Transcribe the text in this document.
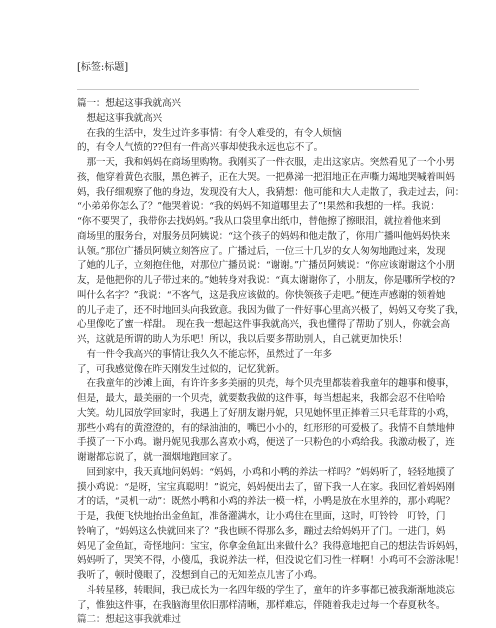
[标签:标题]
篇一：想起这事我就高兴
　想起这事我就高兴
　在我的生活中，发生过许多事情：有令人难受的，有令人烦恼
的，有令人气愤的??但有一件高兴事却使我永远也忘不了。
　那一天，我和妈妈在商场里购物。我刚买了一件衣服，走出这家店。突然看见了一个小男
孩，他穿着黄色衣服，黑色裤子，正在大哭。一把鼻涕一把泪地正在声嘶力竭地哭喊着叫妈
妈，我仔细观察了他的身边，发现没有大人，我猜想：他可能和大人走散了，我走过去，问：
“小弟弟你怎么了？”他哭着说：“我的妈妈不知道哪里去了”!果然和我想的一样。我说：
“你不要哭了，我带你去找妈妈。”我从口袋里拿出纸巾，替他擦了擦眼泪，就拉着他来到
商场里的服务台，对服务员阿姨说：“这个孩子的妈妈和他走散了，你用广播叫他妈妈快来
认领。”那位广播员阿姨立刻答应了。广播过后，一位三十几岁的女人匆匆地跑过来，发现
了她的儿子，立刻抱住他，对那位广播员说：“谢谢。”广播员阿姨说：“你应该谢谢这个小朋
友，是他把你的儿子带过来的。”她转身对我说：“真太谢谢你了，小朋友，你是哪所学校的?
叫什么名字？”我说：“不客气，这是我应该做的。你快领孩子走吧。”便连声感谢的领着她
的儿子走了，还不时地回头向我致意。我因为做了一件好事心里高兴极了，妈妈又夸奖了我，
心里像吃了蜜一样甜。　现在我一想起这件事我就高兴，我也懂得了帮助了别人，你就会高
兴，这就是所谓的助人为乐吧！所以，我以后要多帮助别人，自己就更加快乐！
　有一件令我高兴的事情让我久久不能忘怀，虽然过了一年多
了，可我感觉像在昨天刚发生过似的，记忆犹新。
　在我童年的沙滩上面，有许许多多美丽的贝壳，每个贝壳里都装着我童年的趣事和傻事，
但是，最大，最美丽的一个贝壳，就要数我做的这件事，每当想起来，我都会忍不住哈哈
大笑。幼儿园放学回家时，我遇上了好朋友谢丹妮，只见她怀里正捧着三只毛茸茸的小鸡，
那些小鸡有的黄澄澄的，有的绿油油的，嘴巴小小的，红形形的可爱极了。我情不自禁地伸
手摸了一下小鸡。谢丹妮见我那么喜欢小鸡，便送了一只粉色的小鸡给我。我激动极了，连
谢谢都忘说了，就一溜烟地跑回家了。
　回到家中，我天真地问妈妈：“妈妈，小鸡和小鸭的养法一样吗？”妈妈听了，轻轻地摸了
摸小鸡说：“是呀，宝宝真聪明！”说完，妈妈便出去了，留下我一人在家。我回忆着妈妈刚
才的话，“灵机一动”：既然小鸭和小鸡的养法一模一样，小鸭是放在水里养的，那小鸡呢？
于是，我便飞快地抬出金鱼缸，准备灌满水，让小鸡住在里面，这时，叮铃铃　叮铃，门
铃响了，“妈妈这么快就回来了？”我也顾不得那么多，蹦过去给妈妈开了门。一进门，妈
妈见了金鱼缸，奇怪地问：宝宝，你拿金鱼缸出来做什么？我得意地把自己的想法告诉妈妈，
妈妈听了，哭笑不得，小傻瓜，我说养法一样，但没说它们习性一样啊！小鸡可不会游泳呢！
我听了，顿时傻眼了，没想到自己的无知差点儿害了小鸡。
　斗转星移，转眼间，我已成长为一名四年级的学生了，童年的许多事都已被我渐渐地淡忘
了，惟独这件事，在我脑海里依旧那样清晰，那样难忘，伴随着我走过每一个春夏秋冬。
篇二：想起这事我就难过
